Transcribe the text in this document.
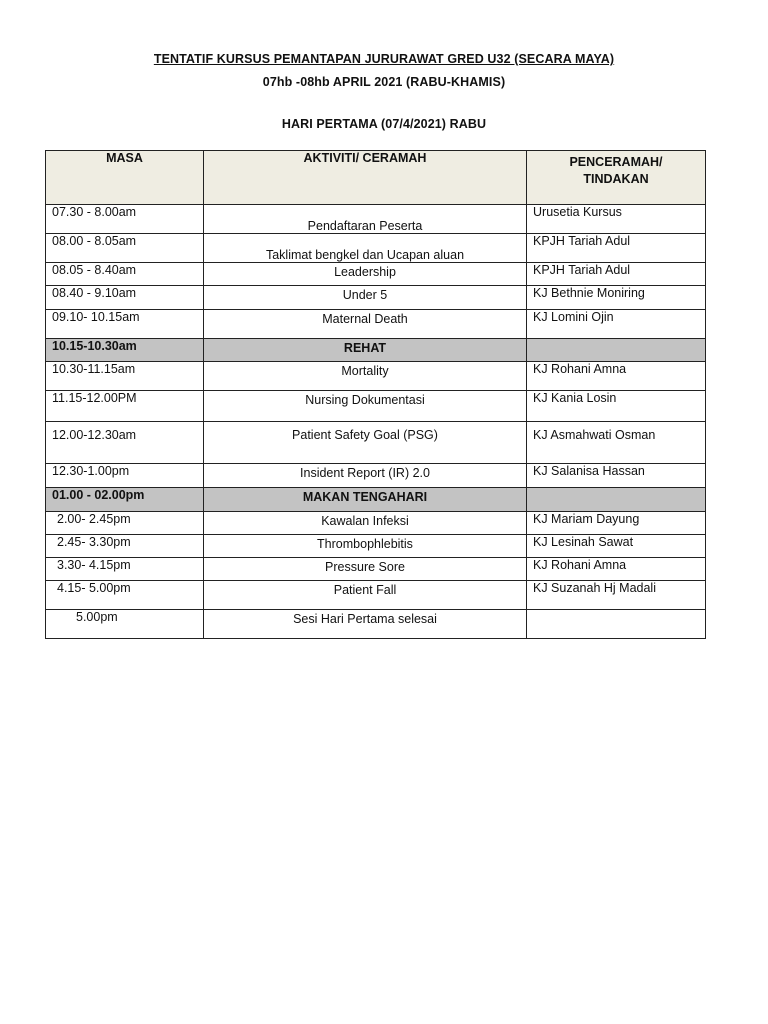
TENTATIF KURSUS PEMANTAPAN JURURAWAT GRED U32 (SECARA MAYA)
07hb -08hb APRIL 2021 (RABU-KHAMIS)
HARI PERTAMA (07/4/2021) RABU
MASA	AKTIVITI/ CERAMAH	PENCERAMAH/
TINDAKAN
07.30 - 8.00am	Pendaftaran Peserta	Urusetia Kursus
08.00 - 8.05am	Taklimat bengkel dan Ucapan aluan	KPJH Tariah Adul
08.05 - 8.40am	Leadership	KPJH Tariah Adul
08.40 - 9.10am	Under 5	KJ Bethnie Moniring
09.10- 10.15am	Maternal Death	KJ Lomini Ojin
10.15-10.30am	REHAT	
10.30-11.15am	Mortality	KJ Rohani Amna
11.15-12.00PM	Nursing Dokumentasi	KJ Kania Losin
12.00-12.30am	Patient Safety Goal (PSG)	KJ Asmahwati Osman
12.30-1.00pm	Insident Report (IR) 2.0	KJ Salanisa Hassan
01.00 - 02.00pm	MAKAN TENGAHARI	
2.00- 2.45pm	Kawalan Infeksi	KJ Mariam Dayung
2.45- 3.30pm	Thrombophlebitis	KJ Lesinah Sawat
3.30- 4.15pm	Pressure Sore	KJ Rohani Amna
4.15- 5.00pm	Patient Fall	KJ Suzanah Hj Madali
5.00pm	Sesi Hari Pertama selesai	
